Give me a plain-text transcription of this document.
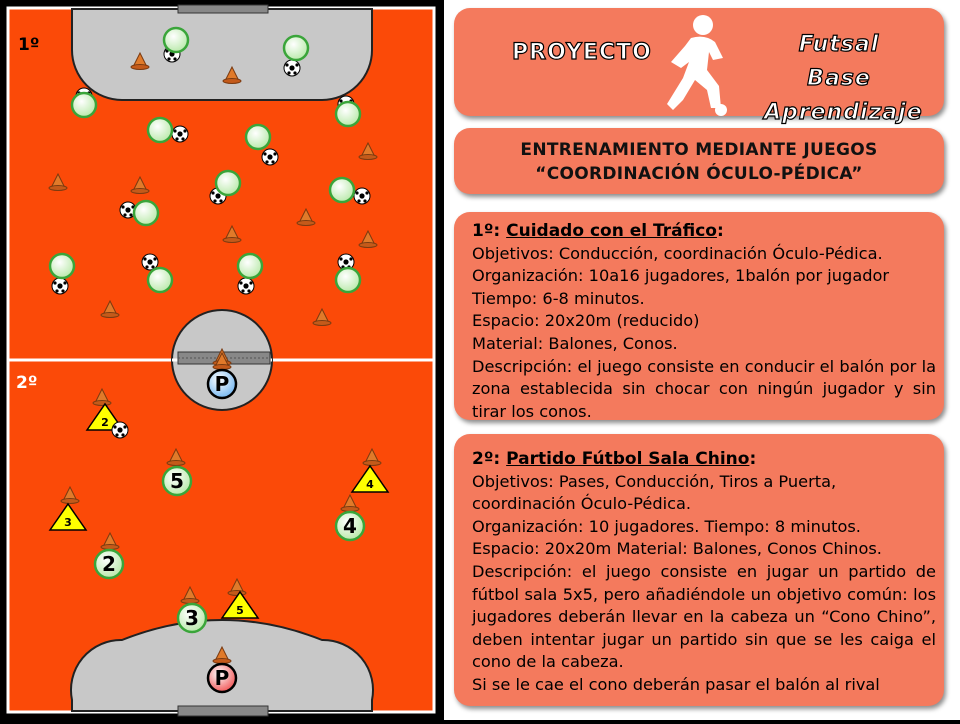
P
2
4
3
5
4
2
5
3
P
1º
2º
PROYECTO	Futsal Base
Aprendizaje
ENTRENAMIENTO MEDIANTE JUEGOS
“COORDINACIÓN ÓCULO-PÉDICA”

1º: Cuidado con el Tráfico:

Objetivos: Conducción, coordinación Óculo-Pédica.

Organización: 10a16 jugadores, 1balón por jugador

Tiempo: 6-8 minutos.

Espacio: 20x20m (reducido)

Material: Balones, Conos.

Descripción: el juego consiste en conducir el balón por la zona establecida sin chocar con ningún jugador y sin tirar los conos.

2º: Partido Fútbol Sala Chino:

Objetivos: Pases, Conducción, Tiros a Puerta, coordinación Óculo-Pédica.

Organización: 10 jugadores. Tiempo: 8 minutos.

Espacio: 20x20m Material: Balones, Conos Chinos.

Descripción: el juego consiste en jugar un partido de fútbol sala 5x5, pero añadiéndole un objetivo común: los jugadores deberán llevar en la cabeza un “Cono Chino”, deben intentar jugar un partido sin que se les caiga el cono de la cabeza.

Si se le cae el cono deberán pasar el balón al rival
